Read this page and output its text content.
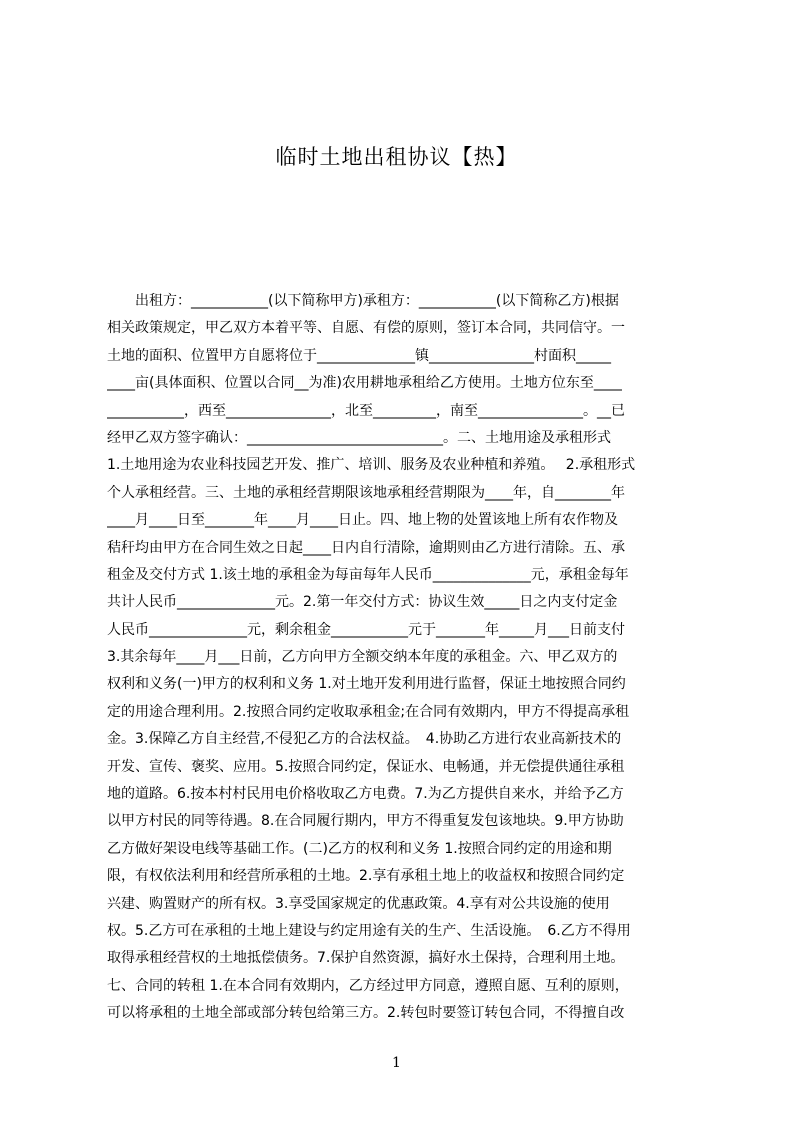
临时土地出租协议【热】
　　出租方：___________(以下简称甲方)承租方：___________(以下简称乙方)根据
相关政策规定，甲乙双方本着平等、自愿、有偿的原则，签订本合同，共同信守。一
土地的面积、位置甲方自愿将位于______________镇_______________村面积_____
____亩(具体面积、位置以合同__为准)农用耕地承租给乙方使用。土地方位东至____
___________，西至_______________，北至_________，南至_______________。__已
经甲乙双方签字确认：____________________________。二、土地用途及承租形式
1.土地用途为农业科技园艺开发、推广、培训、服务及农业种植和养殖。　 2.承租形式
个人承租经营。三、土地的承租经营期限该地承租经营期限为____年，自________年
____月____日至_______年____月____日止。四、地上物的处置该地上所有农作物及
秸秆均由甲方在合同生效之日起____日内自行清除，逾期则由乙方进行清除。五、承
租金及交付方式 1.该土地的承租金为每亩每年人民币______________元，承租金每年
共计人民币______________元。2.第一年交付方式：协议生效_____日之内支付定金
人民币______________元，剩余租金___________元于_______年_____月___日前支付
3.其余每年____月___日前，乙方向甲方全额交纳本年度的承租金。六、甲乙双方的
权利和义务(一)甲方的权利和义务 1.对土地开发利用进行监督，保证土地按照合同约
定的用途合理利用。2.按照合同约定收取承租金;在合同有效期内，甲方不得提高承租
金。3.保障乙方自主经营,不侵犯乙方的合法权益。　4.协助乙方进行农业高新技术的
开发、宣传、褒奖、应用。5.按照合同约定，保证水、电畅通，并无偿提供通往承租
地的道路。6.按本村村民用电价格收取乙方电费。7.为乙方提供自来水，并给予乙方
以甲方村民的同等待遇。8.在合同履行期内，甲方不得重复发包该地块。9.甲方协助
乙方做好架设电线等基础工作。(二)乙方的权利和义务 1.按照合同约定的用途和期
限，有权依法利用和经营所承租的土地。2.享有承租土地上的收益权和按照合同约定
兴建、购置财产的所有权。3.享受国家规定的优惠政策。4.享有对公共设施的使用
权。5.乙方可在承租的土地上建设与约定用途有关的生产、生活设施。　6.乙方不得用
取得承租经营权的土地抵偿债务。7.保护自然资源，搞好水土保持，合理利用土地。
七、合同的转租 1.在本合同有效期内，乙方经过甲方同意，遵照自愿、互利的原则，
可以将承租的土地全部或部分转包给第三方。2.转包时要签订转包合同，不得擅自改
1
